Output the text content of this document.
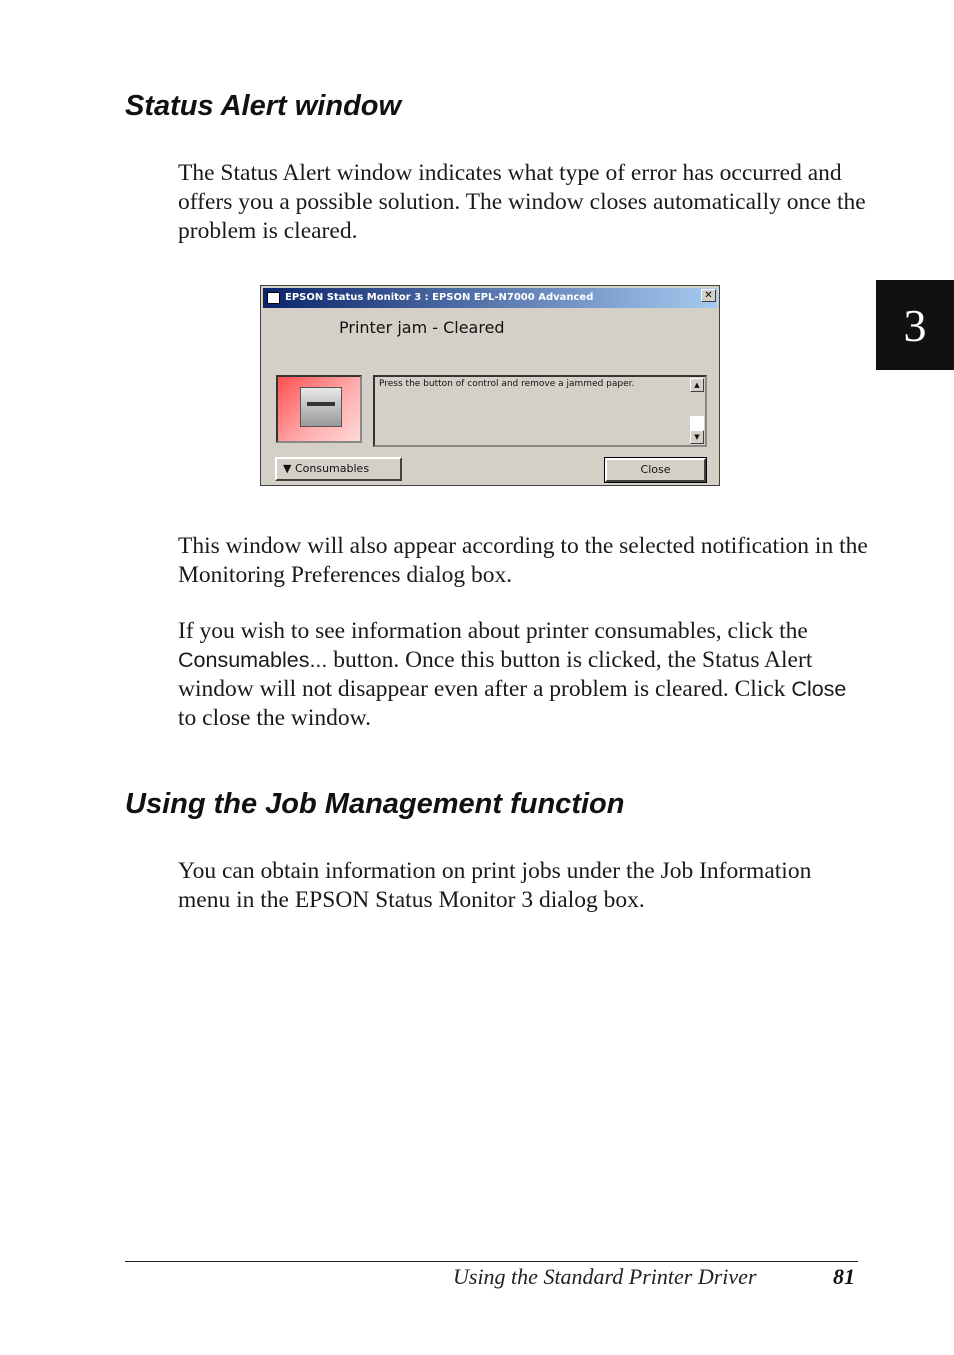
Status Alert window

The Status Alert window indicates what type of error has occurred and offers you a possible solution. The window closes automatically once the problem is cleared.

3
EPSON Status Monitor 3 : EPSON EPL-N7000 Advanced	✕
Printer jam - Cleared
Press the button of control and remove a jammed paper.	▲
▼
▼ Consumables	Close

This window will also appear according to the selected notification in the Monitoring Preferences dialog box.

If you wish to see information about printer consumables, click the Consumables... button. Once this button is clicked, the Status Alert window will not disappear even after a problem is cleared. Click Close to close the window.

Using the Job Management function

You can obtain information on print jobs under the Job Information menu in the EPSON Status Monitor 3 dialog box.

Using the Standard Printer Driver	81
